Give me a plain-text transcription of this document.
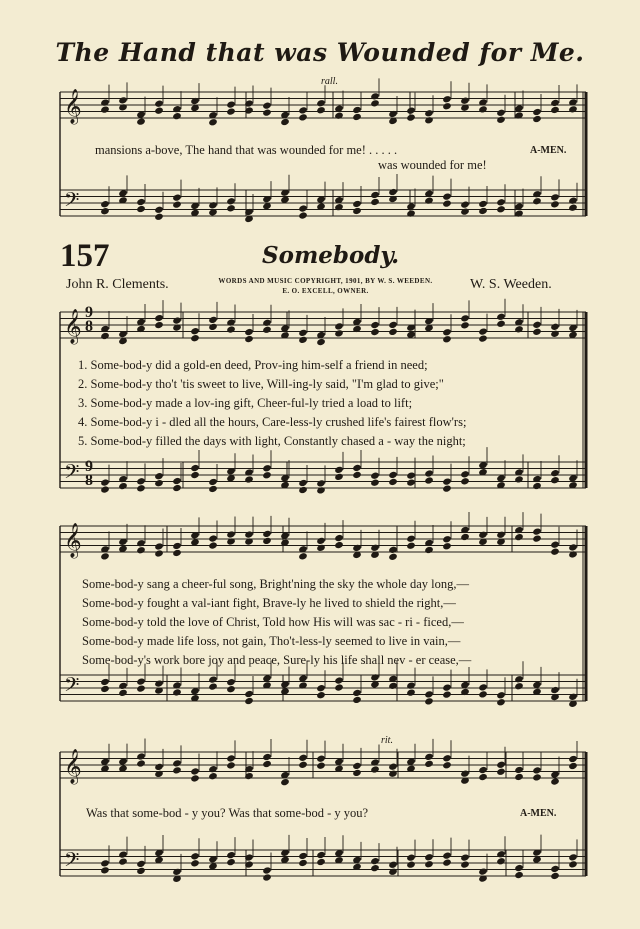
𝄞
𝄢
𝄞
𝄢
𝄞
𝄢
𝄞
𝄢
The Hand that was Wounded for Me.
rall.
mansions a-bove, The hand that was wounded for me! . . . . .	A-MEN.
was wounded for me!
157	Somebody.
John R. Clements.	WORDS AND MUSIC COPYRIGHT, 1901, BY W. S. WEEDEN.
E. O. EXCELL, OWNER.	W. S. Weeden.
9
8
9
8
1. Some-bod-y did a gold-en deed, Prov-ing him-self a friend in need;
2. Some-bod-y tho't 'tis sweet to live, Will-ing-ly said, "I'm glad to give;"
3. Some-bod-y made a lov-ing gift, Cheer-ful-ly tried a load to lift;
4. Some-bod-y i - dled all the hours, Care-less-ly crushed life's fairest flow'rs;
5. Some-bod-y filled the days with light, Constantly chased a - way the night;
Some-bod-y sang a cheer-ful song, Bright'ning the sky the whole day long,—
Some-bod-y fought a val-iant fight, Brave-ly he lived to shield the right,—
Some-bod-y told the love of Christ, Told how His will was sac - ri - ficed,—
Some-bod-y made life loss, not gain, Tho't-less-ly seemed to live in vain,—
Some-bod-y's work bore joy and peace, Sure-ly his life shall nev - er cease,—
rit.
Was that some-bod - y you? Was that some-bod - y you?	A-MEN.
